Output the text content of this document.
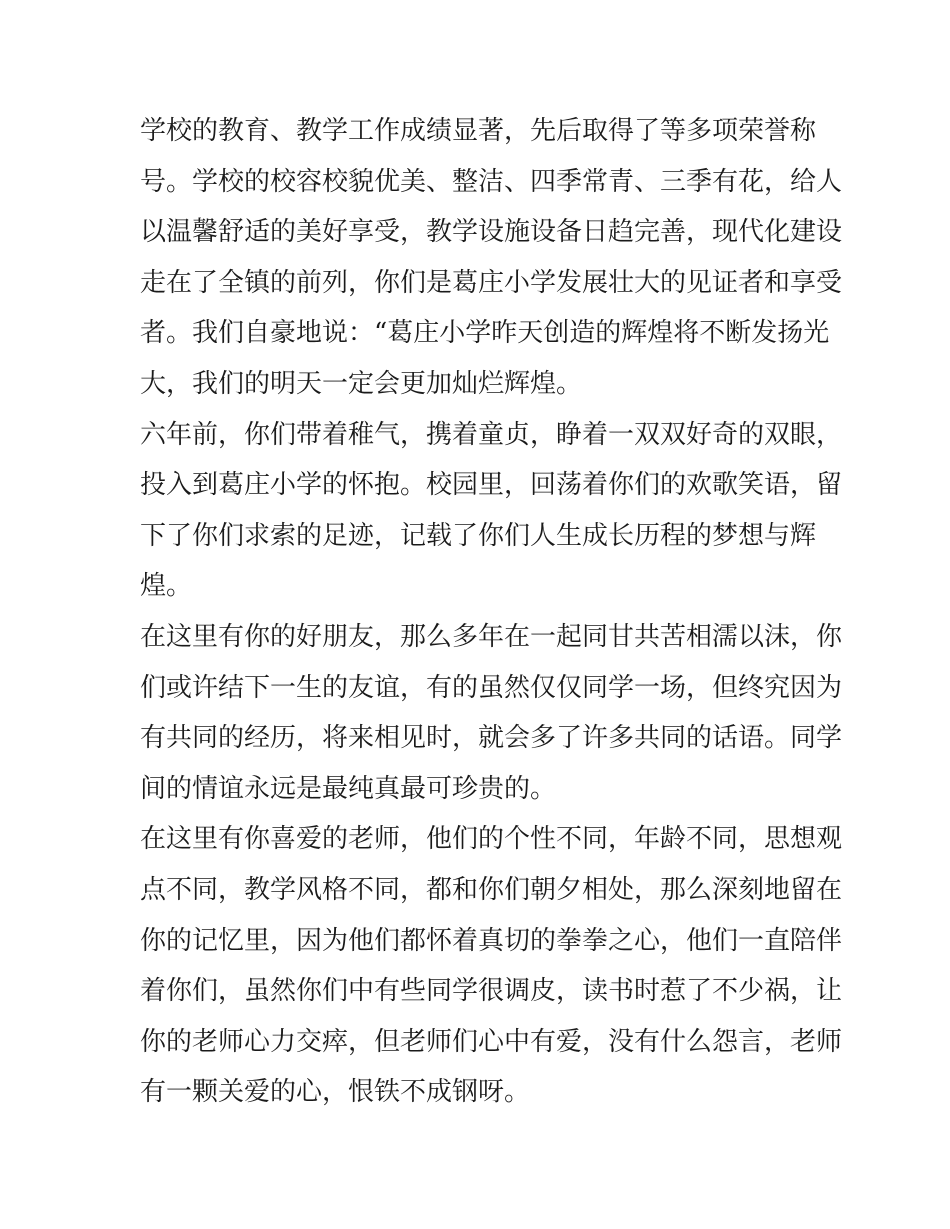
学校的教育、教学工作成绩显著，先后取得了等多项荣誉称
号。学校的校容校貌优美、整洁、四季常青、三季有花，给人
以温馨舒适的美好享受，教学设施设备日趋完善，现代化建设
走在了全镇的前列，你们是葛庄小学发展壮大的见证者和享受
者。我们自豪地说：“葛庄小学昨天创造的辉煌将不断发扬光
大，我们的明天一定会更加灿烂辉煌。
六年前，你们带着稚气，携着童贞，睁着一双双好奇的双眼，
投入到葛庄小学的怀抱。校园里，回荡着你们的欢歌笑语，留
下了你们求索的足迹，记载了你们人生成长历程的梦想与辉
煌。
在这里有你的好朋友，那么多年在一起同甘共苦相濡以沫，你
们或许结下一生的友谊，有的虽然仅仅同学一场，但终究因为
有共同的经历，将来相见时，就会多了许多共同的话语。同学
间的情谊永远是最纯真最可珍贵的。
在这里有你喜爱的老师，他们的个性不同，年龄不同，思想观
点不同，教学风格不同，都和你们朝夕相处，那么深刻地留在
你的记忆里，因为他们都怀着真切的拳拳之心，他们一直陪伴
着你们，虽然你们中有些同学很调皮，读书时惹了不少祸，让
你的老师心力交瘁，但老师们心中有爱，没有什么怨言，老师
有一颗关爱的心，恨铁不成钢呀。
